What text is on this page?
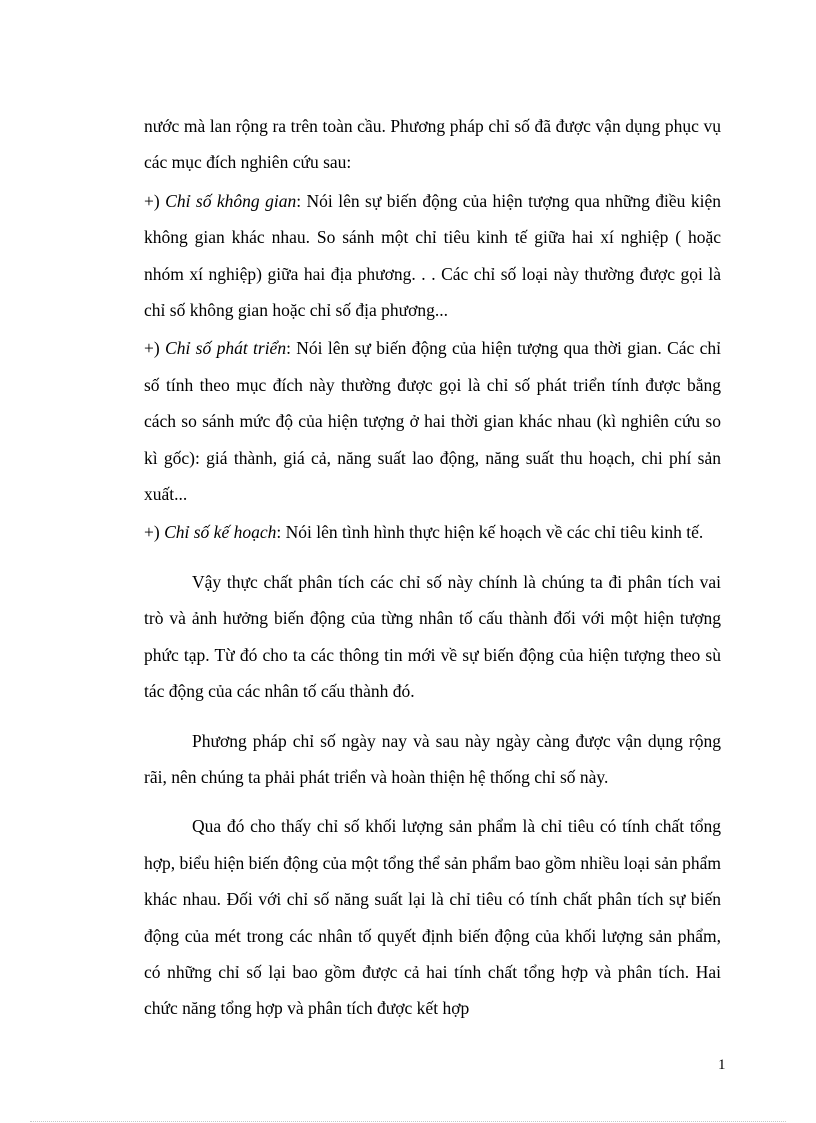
nước mà lan rộng ra trên toàn cầu. Phương pháp chỉ số đã được vận dụng phục vụ các mục đích nghiên cứu sau:

+) Chỉ số không gian: Nói lên sự biến động của hiện tượng qua những điều kiện không gian khác nhau. So sánh một chỉ tiêu kinh tế giữa hai xí nghiệp ( hoặc nhóm xí nghiệp) giữa hai địa phương. . . Các chỉ số loại này thường được gọi là chỉ số không gian hoặc chỉ số địa phương...

+) Chỉ số phát triển: Nói lên sự biến động của hiện tượng qua thời gian. Các chỉ số tính theo mục đích này thường được gọi là chỉ số phát triển tính được bằng cách so sánh mức độ của hiện tượng ở hai thời gian khác nhau (kì nghiên cứu so kì gốc): giá thành, giá cả, năng suất lao động, năng suất thu hoạch, chi phí sản xuất...

+) Chỉ số kế hoạch: Nói lên tình hình thực hiện kế hoạch về các chỉ tiêu kinh tế.

Vậy thực chất phân tích các chỉ số này chính là chúng ta đi phân tích vai trò và ảnh hưởng biến động của từng nhân tố cấu thành đối với một hiện tượng phức tạp. Từ đó cho ta các thông tin mới về sự biến động của hiện tượng theo sù tác động của các nhân tố cấu thành đó.

Phương pháp chỉ số ngày nay và sau này ngày càng được vận dụng rộng rãi, nên chúng ta phải phát triển và hoàn thiện hệ thống chỉ số này.

Qua đó cho thấy chỉ số khối lượng sản phẩm là chỉ tiêu có tính chất tổng hợp, biểu hiện biến động của một tổng thể sản phẩm bao gồm nhiều loại sản phẩm khác nhau. Đối với chỉ số năng suất lại là chỉ tiêu có tính chất phân tích sự biến động của mét trong các nhân tố quyết định biến động của khối lượng sản phẩm, có những chỉ số lại bao gồm được cả hai tính chất tổng hợp và phân tích. Hai chức năng tổng hợp và phân tích được kết hợp

1
